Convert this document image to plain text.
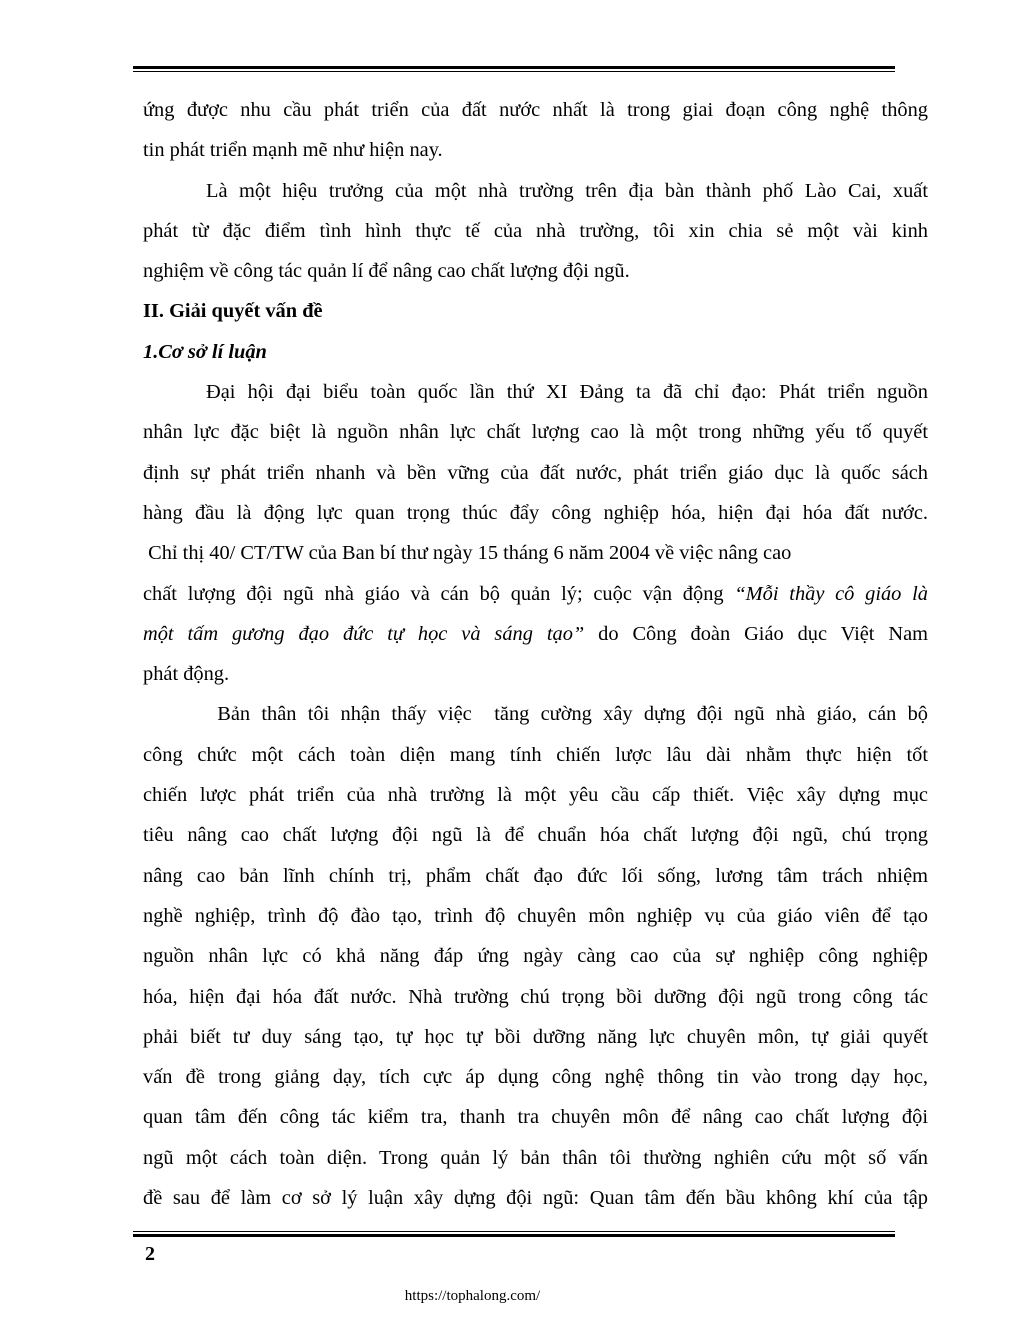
ứng được nhu cầu phát triển của đất nước nhất là trong giai đoạn công nghệ thông
tin phát triển mạnh mẽ như hiện nay.

Là một hiệu trưởng của một nhà trường trên địa bàn thành phố Lào Cai, xuất
phát từ đặc điểm tình hình thực tế của nhà trường, tôi xin chia sẻ một vài kinh
nghiệm về công tác quản lí để nâng cao chất lượng đội ngũ.

II. Giải quyết vấn đề

1.Cơ sở lí luận

Đại hội đại biểu toàn quốc lần thứ XI Đảng ta đã chỉ đạo: Phát triển nguồn
nhân lực đặc biệt là nguồn nhân lực chất lượng cao là một trong những yếu tố quyết
định sự phát triển nhanh và bền vững của đất nước, phát triển giáo dục là quốc sách
hàng đầu là động lực quan trọng thúc đẩy công nghiệp hóa, hiện đại hóa đất nước.
Chỉ thị 40/ CT/TW của Ban bí thư ngày 15 tháng 6 năm 2004 về việc nâng cao
chất lượng đội ngũ nhà giáo và cán bộ quản lý; cuộc vận động “Mỗi thầy cô giáo là
một tấm gương đạo đức tự học và sáng tạo” do Công đoàn Giáo dục Việt Nam
phát động.

Bản thân tôi nhận thấy việc  tăng cường xây dựng đội ngũ nhà giáo, cán bộ
công chức một cách toàn diện mang tính chiến lược lâu dài nhằm thực hiện tốt
chiến lược phát triển của nhà trường là một yêu cầu cấp thiết. Việc xây dựng mục
tiêu nâng cao chất lượng đội ngũ là để chuẩn hóa chất lượng đội ngũ, chú trọng
nâng cao bản lĩnh chính trị, phẩm chất đạo đức lối sống, lương tâm trách nhiệm
nghề nghiệp, trình độ đào tạo, trình độ chuyên môn nghiệp vụ của giáo viên để tạo
nguồn nhân lực có khả năng đáp ứng ngày càng cao của sự nghiệp công nghiệp
hóa, hiện đại hóa đất nước. Nhà trường chú trọng bồi dưỡng đội ngũ trong công tác
phải biết tư duy sáng tạo, tự học tự bồi dưỡng năng lực chuyên môn, tự giải quyết
vấn đề trong giảng dạy, tích cực áp dụng công nghệ thông tin vào trong dạy học,
quan tâm đến công tác kiểm tra, thanh tra chuyên môn để nâng cao chất lượng đội
ngũ một cách toàn diện. Trong quản lý bản thân tôi thường nghiên cứu một số vấn
đề sau để làm cơ sở lý luận xây dựng đội ngũ: Quan tâm đến bầu không khí của tập

2
https://tophalong.com/
